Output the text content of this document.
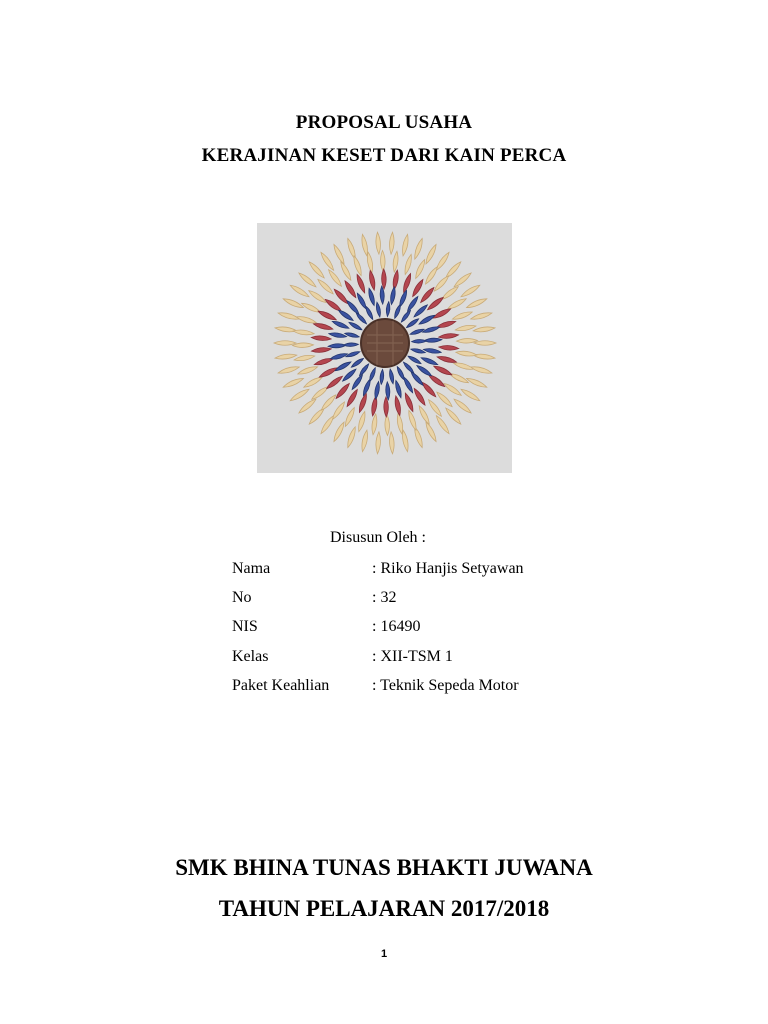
PROPOSAL USAHA
KERAJINAN KESET DARI KAIN PERCA
Disusun Oleh :
Nama	: Riko Hanjis Setyawan
No	: 32
NIS	: 16490
Kelas	: XII-TSM 1
Paket Keahlian	: Teknik Sepeda Motor
SMK BHINA TUNAS BHAKTI JUWANA
TAHUN PELAJARAN 2017/2018
1
